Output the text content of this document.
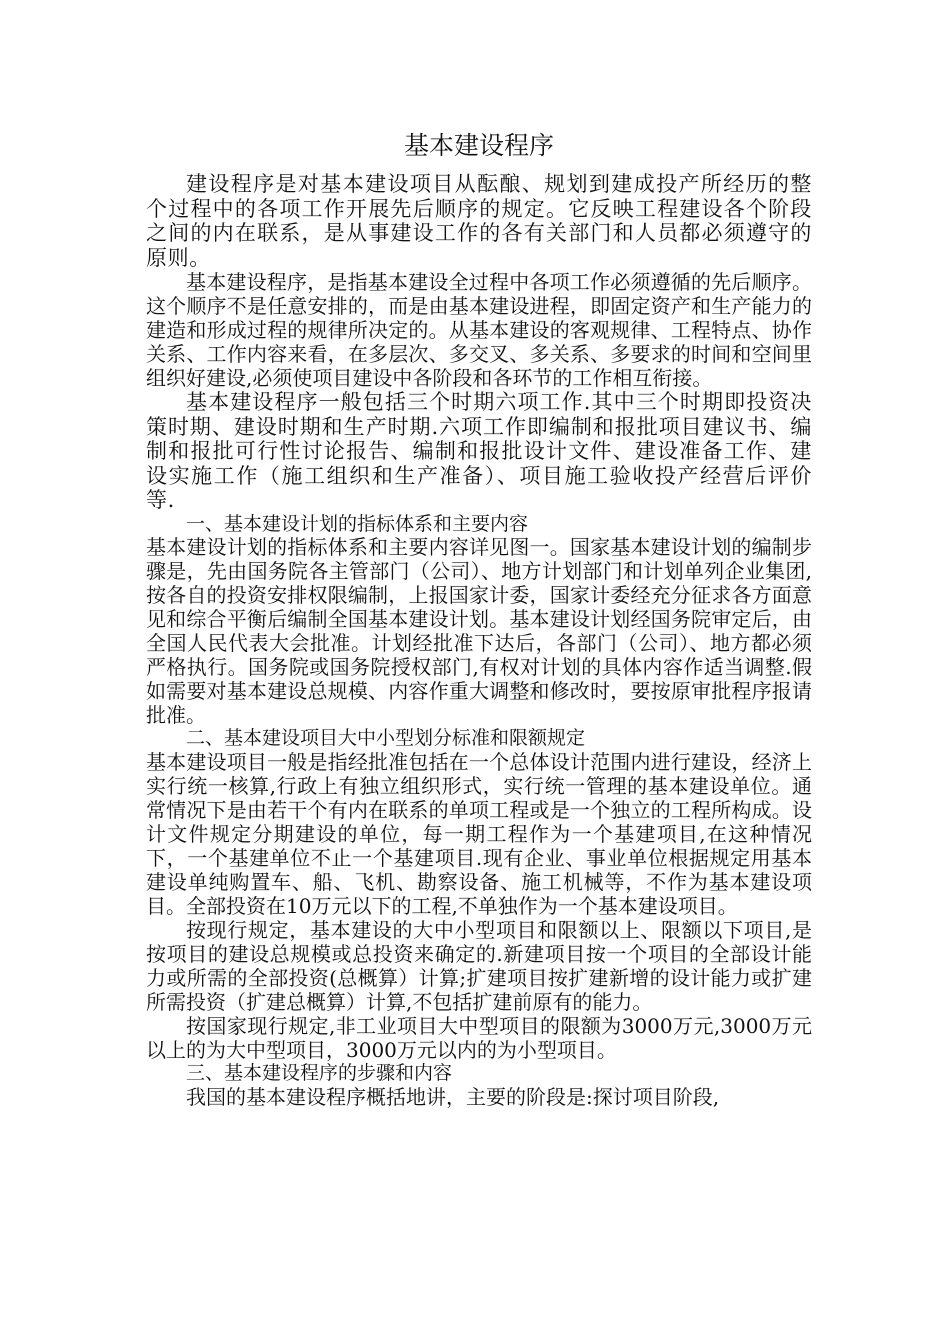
基本建设程序

建设程序是对基本建设项目从酝酿、规划到建成投产所经历的整个过程中的各项工作开展先后顺序的规定。它反映工程建设各个阶段之间的内在联系，是从事建设工作的各有关部门和人员都必须遵守的原则。

基本建设程序，是指基本建设全过程中各项工作必须遵循的先后顺序。这个顺序不是任意安排的，而是由基本建设进程，即固定资产和生产能力的建造和形成过程的规律所决定的。从基本建设的客观规律、工程特点、协作关系、工作内容来看，在多层次、多交叉、多关系、多要求的时间和空间里组织好建设,必须使项目建设中各阶段和各环节的工作相互衔接。

基本建设程序一般包括三个时期六项工作.其中三个时期即投资决策时期、建设时期和生产时期.六项工作即编制和报批项目建议书、编制和报批可行性讨论报告、编制和报批设计文件、建设准备工作、建设实施工作（施工组织和生产准备）、项目施工验收投产经营后评价等.

一、基本建设计划的指标体系和主要内容

基本建设计划的指标体系和主要内容详见图一。国家基本建设计划的编制步骤是，先由国务院各主管部门（公司）、地方计划部门和计划单列企业集团,按各自的投资安排权限编制，上报国家计委，国家计委经充分征求各方面意见和综合平衡后编制全国基本建设计划。基本建设计划经国务院审定后，由全国人民代表大会批准。计划经批准下达后，各部门（公司）、地方都必须严格执行。国务院或国务院授权部门,有权对计划的具体内容作适当调整.假如需要对基本建设总规模、内容作重大调整和修改时，要按原审批程序报请批准。

二、基本建设项目大中小型划分标准和限额规定

基本建设项目一般是指经批准包括在一个总体设计范围内进行建设，经济上实行统一核算,行政上有独立组织形式，实行统一管理的基本建设单位。通常情况下是由若干个有内在联系的单项工程或是一个独立的工程所构成。设计文件规定分期建设的单位，每一期工程作为一个基建项目,在这种情况下，一个基建单位不止一个基建项目.现有企业、事业单位根据规定用基本建设单纯购置车、船、飞机、勘察设备、施工机械等，不作为基本建设项目。全部投资在10万元以下的工程,不单独作为一个基本建设项目。

按现行规定，基本建设的大中小型项目和限额以上、限额以下项目,是按项目的建设总规模或总投资来确定的.新建项目按一个项目的全部设计能力或所需的全部投资(总概算）计算;扩建项目按扩建新增的设计能力或扩建所需投资（扩建总概算）计算,不包括扩建前原有的能力。

按国家现行规定,非工业项目大中型项目的限额为3000万元,3000万元以上的为大中型项目，3000万元以内的为小型项目。

三、基本建设程序的步骤和内容

我国的基本建设程序概括地讲，主要的阶段是:探讨项目阶段,
